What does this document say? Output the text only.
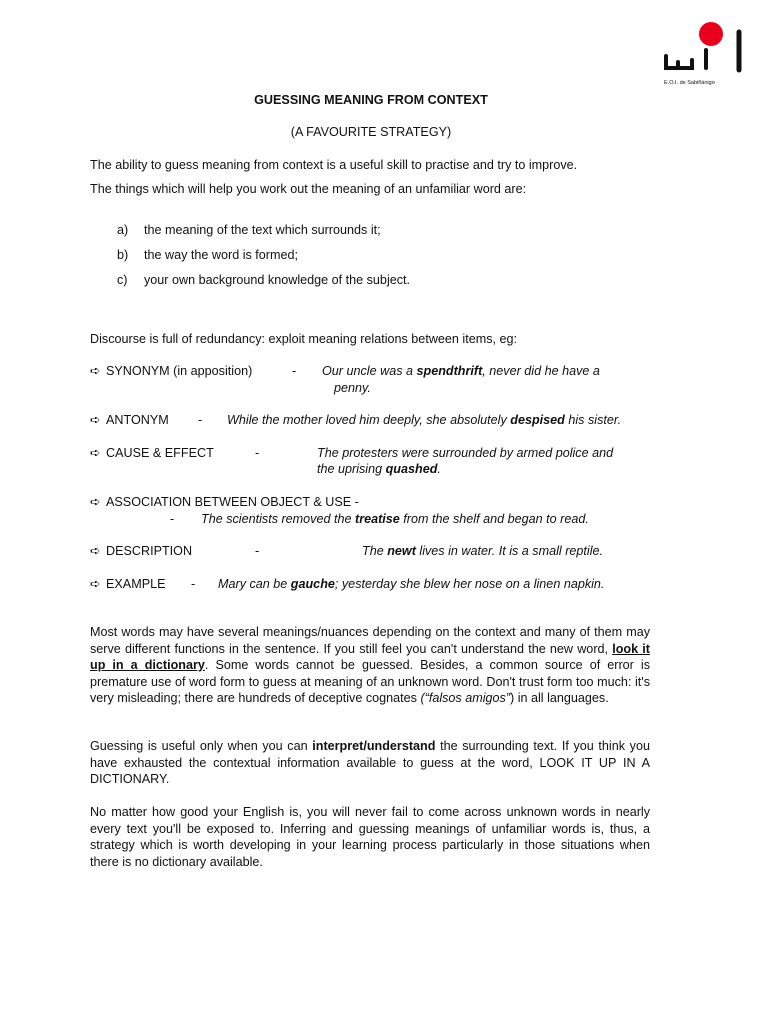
E.O.I. de Sabiñánigo
GUESSING MEANING FROM CONTEXT
(A FAVOURITE STRATEGY)
The ability to guess meaning from context is a useful skill to practise and try to improve.
The things which will help you work out the meaning of an unfamiliar word are:
a) the meaning of the text which surrounds it;
b) the way the word is formed;
c) your own background knowledge of the subject.
Discourse is full of redundancy: exploit meaning relations between items, eg:
➪ SYNONYM (in apposition)	- Our uncle was a spendthrift, never did he have a
penny.
➪ ANTONYM - While the mother loved him deeply, she absolutely despised his sister.
➪ CAUSE & EFFECT	-	The protesters were surrounded by armed police and
the uprising quashed.
➪ ASSOCIATION BETWEEN OBJECT & USE -
- The scientists removed the treatise from the shelf and began to read.
➪ DESCRIPTION	-	The newt lives in water. It is a small reptile.
➪ EXAMPLE - Mary can be gauche; yesterday she blew her nose on a linen napkin.
Most words may have several meanings/nuances depending on the context and many of them may serve different functions in the sentence. If you still feel you can't understand the new word, look it up in a dictionary. Some words cannot be guessed. Besides, a common source of error is premature use of word form to guess at meaning of an unknown word. Don't trust form too much: it's very misleading; there are hundreds of deceptive cognates (“falsos amigos”) in all languages.
Guessing is useful only when you can interpret/understand the surrounding text. If you think you have exhausted the contextual information available to guess at the word, LOOK IT UP IN A DICTIONARY.
No matter how good your English is, you will never fail to come across unknown words in nearly every text you'll be exposed to. Inferring and guessing meanings of unfamiliar words is, thus, a strategy which is worth developing in your learning process particularly in those situations when there is no dictionary available.
